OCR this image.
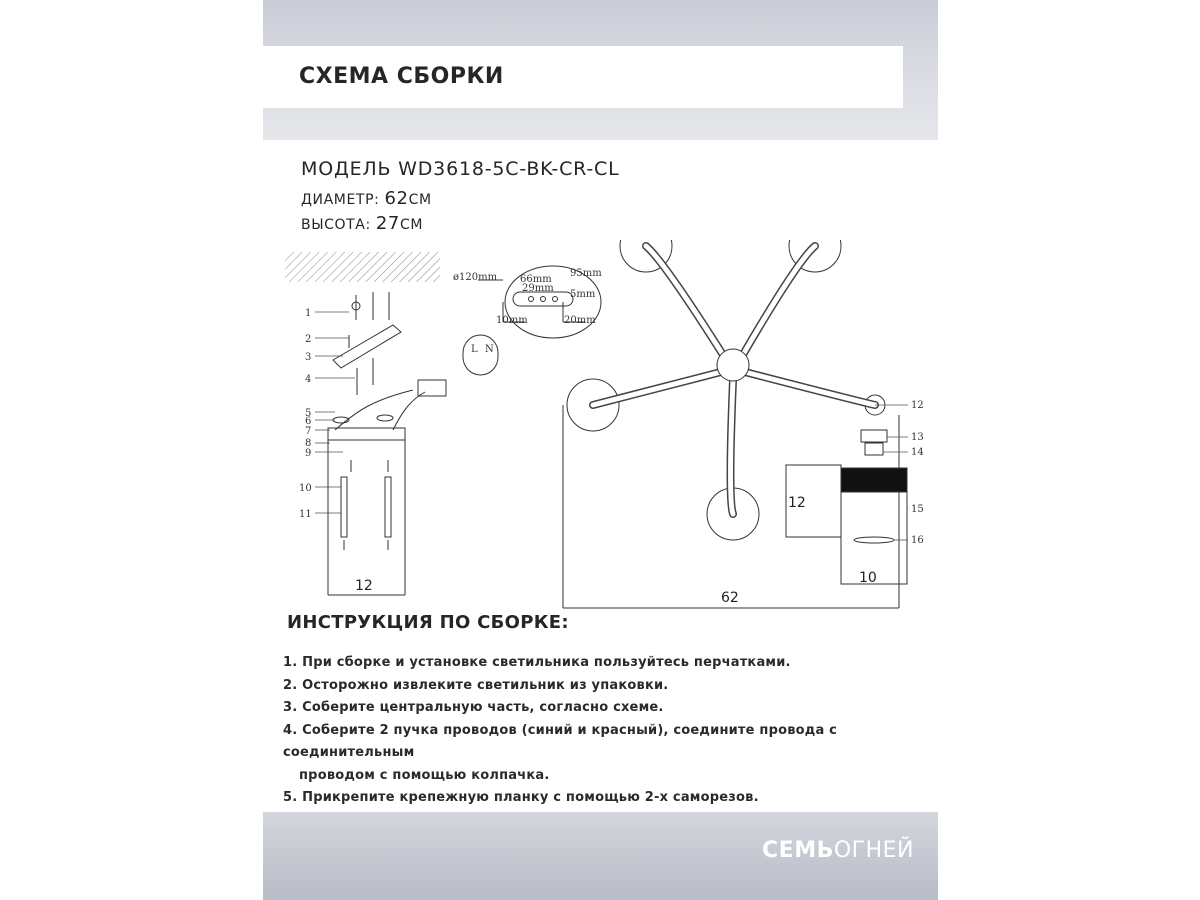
СХЕМА СБОРКИ
МОДЕЛЬ WD3618-5C-BK-CR-CL
ДИАМЕТР: 62СМ
ВЫСОТА: 27СМ
ø120mm 66mm
95mm
29mm
5mm
10mm	20mm
1
2
3
4
5
6
7
8
9
10
11
L N
12
62
12
13
14
15
16
12
10
ИНСТРУКЦИЯ ПО СБОРКЕ:
1. При сборке и установке светильника пользуйтесь перчатками.
2. Осторожно извлеките светильник из упаковки.
3. Соберите центральную часть, согласно схеме.
4. Соберите 2 пучка проводов (синий и красный), соедините провода с соединительным
проводом с помощью колпачка.
5. Прикрепите крепежную планку с помощью 2-х саморезов.
СЕМЬОГНЕЙ
